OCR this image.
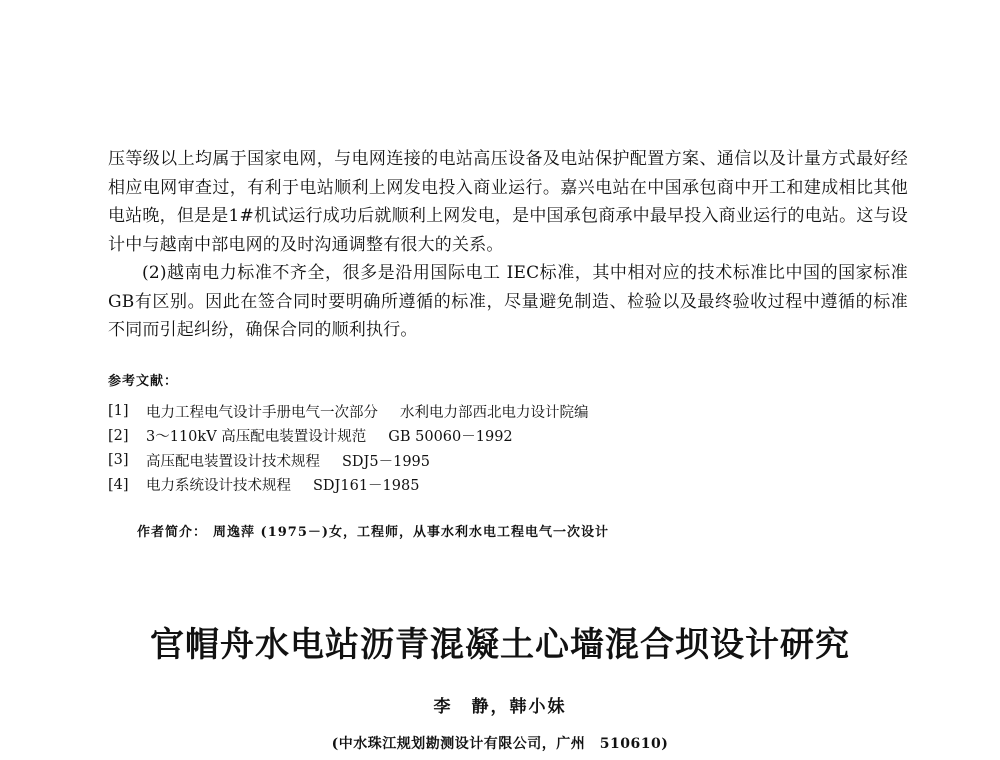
压等级以上均属于国家电网，与电网连接的电站高压设备及电站保护配置方案、通信以及计量方式最好经相应电网审查过，有利于电站顺利上网发电投入商业运行。嘉兴电站在中国承包商中开工和建成相比其他电站晚，但是是1#机试运行成功后就顺利上网发电，是中国承包商承中最早投入商业运行的电站。这与设计中与越南中部电网的及时沟通调整有很大的关系。

(2)越南电力标准不齐全，很多是沿用国际电工 IEC标准，其中相对应的技术标准比中国的国家标准 GB有区别。因此在签合同时要明确所遵循的标准，尽量避免制造、检验以及最终验收过程中遵循的标准不同而引起纠纷，确保合同的顺利执行。

参考文献：
[1]	电力工程电气设计手册电气一次部分 水利电力部西北电力设计院编
[2]	3～110kV 高压配电装置设计规范 GB 50060－1992
[3]	高压配电装置设计技术规程 SDJ5－1995
[4]	电力系统设计技术规程 SDJ161－1985
作者简介： 周逸萍 (1975－)女，工程师，从事水利水电工程电气一次设计
官帽舟水电站沥青混凝土心墙混合坝设计研究
李　静，韩小妹
(中水珠江规划勘测设计有限公司，广州　510610)
